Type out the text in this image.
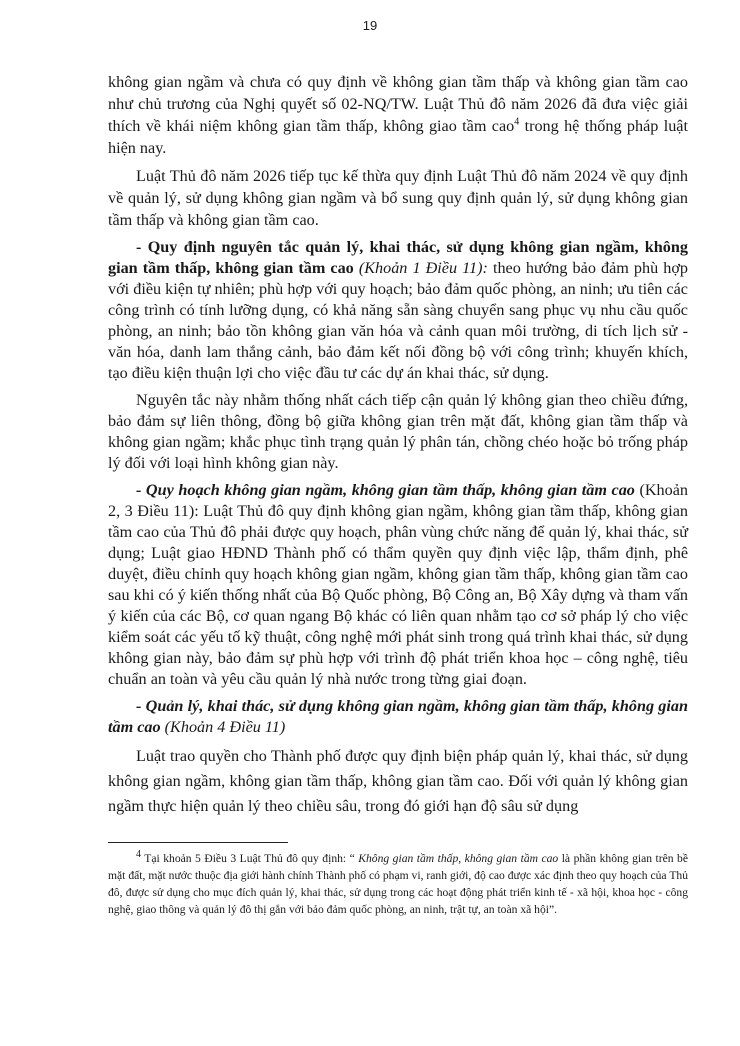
19

không gian ngầm và chưa có quy định về không gian tầm thấp và không gian tầm cao như chủ trương của Nghị quyết số 02-NQ/TW. Luật Thủ đô năm 2026 đã đưa việc giải thích về khái niệm không gian tầm thấp, không giao tầm cao$^4$ trong hệ thống pháp luật hiện nay.

Luật Thủ đô năm 2026 tiếp tục kế thừa quy định Luật Thủ đô năm 2024 về quy định về quản lý, sử dụng không gian ngầm và bổ sung quy định quản lý, sử dụng không gian tầm thấp và không gian tầm cao.

- Quy định nguyên tắc quản lý, khai thác, sử dụng không gian ngầm, không gian tầm thấp, không gian tầm cao (Khoản 1 Điều 11): theo hướng bảo đảm phù hợp với điều kiện tự nhiên; phù hợp với quy hoạch; bảo đảm quốc phòng, an ninh; ưu tiên các công trình có tính lưỡng dụng, có khả năng sẵn sàng chuyển sang phục vụ nhu cầu quốc phòng, an ninh; bảo tồn không gian văn hóa và cảnh quan môi trường, di tích lịch sử - văn hóa, danh lam thắng cảnh, bảo đảm kết nối đồng bộ với công trình; khuyến khích, tạo điều kiện thuận lợi cho việc đầu tư các dự án khai thác, sử dụng.

Nguyên tắc này nhằm thống nhất cách tiếp cận quản lý không gian theo chiều đứng, bảo đảm sự liên thông, đồng bộ giữa không gian trên mặt đất, không gian tầm thấp và không gian ngầm; khắc phục tình trạng quản lý phân tán, chồng chéo hoặc bỏ trống pháp lý đối với loại hình không gian này.

- Quy hoạch không gian ngầm, không gian tầm thấp, không gian tầm cao (Khoản 2, 3 Điều 11): Luật Thủ đô quy định không gian ngầm, không gian tầm thấp, không gian tầm cao của Thủ đô phải được quy hoạch, phân vùng chức năng để quản lý, khai thác, sử dụng; Luật giao HĐND Thành phố có thẩm quyền quy định việc lập, thẩm định, phê duyệt, điều chỉnh quy hoạch không gian ngầm, không gian tầm thấp, không gian tầm cao sau khi có ý kiến thống nhất của Bộ Quốc phòng, Bộ Công an, Bộ Xây dựng và tham vấn ý kiến của các Bộ, cơ quan ngang Bộ khác có liên quan nhằm tạo cơ sở pháp lý cho việc kiểm soát các yếu tố kỹ thuật, công nghệ mới phát sinh trong quá trình khai thác, sử dụng không gian này, bảo đảm sự phù hợp với trình độ phát triển khoa học – công nghệ, tiêu chuẩn an toàn và yêu cầu quản lý nhà nước trong từng giai đoạn.

- Quản lý, khai thác, sử dụng không gian ngầm, không gian tầm thấp, không gian tầm cao (Khoản 4 Điều 11)

Luật trao quyền cho Thành phố được quy định biện pháp quản lý, khai thác, sử dụng không gian ngầm, không gian tầm thấp, không gian tầm cao. Đối với quản lý không gian ngầm thực hiện quản lý theo chiều sâu, trong đó giới hạn độ sâu sử dụng

$^4$ Tại khoản 5 Điều 3 Luật Thủ đô quy định: “ Không gian tầm thấp, không gian tầm cao là phần không gian trên bề mặt đất, mặt nước thuộc địa giới hành chính Thành phố có phạm vi, ranh giới, độ cao được xác định theo quy hoạch của Thủ đô, được sử dụng cho mục đích quản lý, khai thác, sử dụng trong các hoạt động phát triển kinh tế - xã hội, khoa học - công nghệ, giao thông và quản lý đô thị gắn với bảo đảm quốc phòng, an ninh, trật tự, an toàn xã hội”.
